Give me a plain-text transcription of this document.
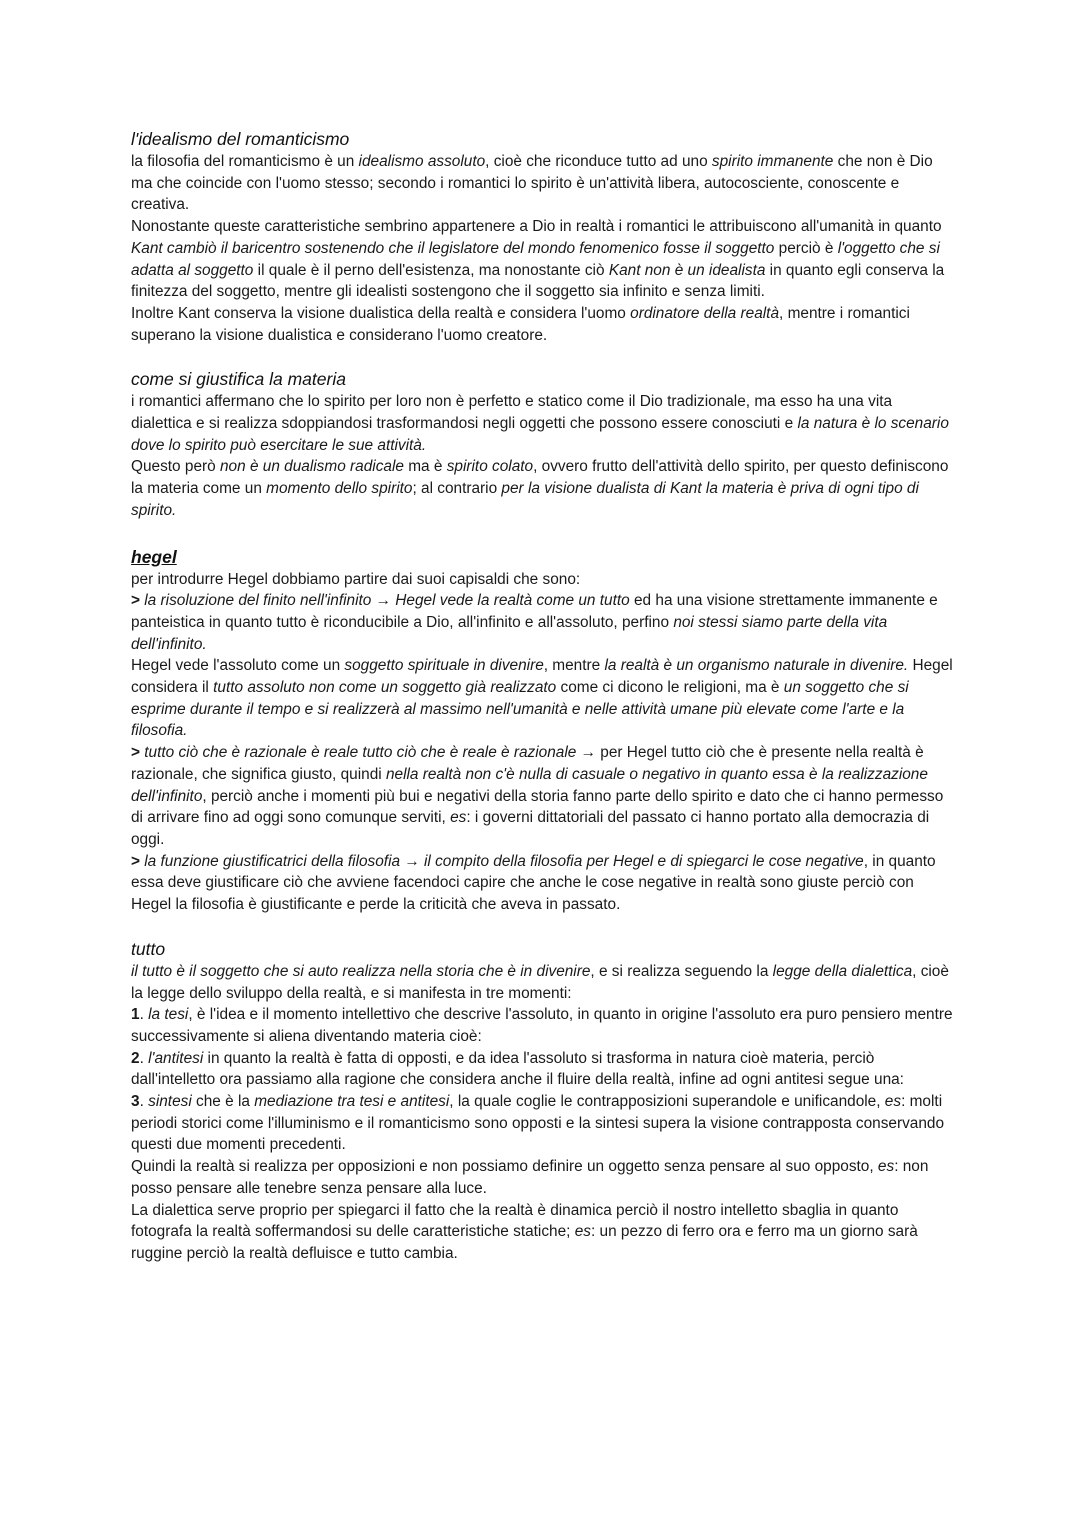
l'idealismo del romanticismo

la filosofia del romanticismo è un idealismo assoluto, cioè che riconduce tutto ad uno spirito immanente che non è Dio ma che coincide con l'uomo stesso; secondo i romantici lo spirito è un'attività libera, autocosciente, conoscente e creativa.

Nonostante queste caratteristiche sembrino appartenere a Dio in realtà i romantici le attribuiscono all'umanità in quanto Kant cambiò il baricentro sostenendo che il legislatore del mondo fenomenico fosse il soggetto perciò è l'oggetto che si adatta al soggetto il quale è il perno dell'esistenza, ma nonostante ciò Kant non è un idealista in quanto egli conserva la finitezza del soggetto, mentre gli idealisti sostengono che il soggetto sia infinito e senza limiti.

Inoltre Kant conserva la visione dualistica della realtà e considera l'uomo ordinatore della realtà, mentre i romantici superano la visione dualistica e considerano l'uomo creatore.

come si giustifica la materia

i romantici affermano che lo spirito per loro non è perfetto e statico come il Dio tradizionale, ma esso ha una vita dialettica e si realizza sdoppiandosi trasformandosi negli oggetti che possono essere conosciuti e la natura è lo scenario dove lo spirito può esercitare le sue attività.

Questo però non è un dualismo radicale ma è spirito colato, ovvero frutto dell'attività dello spirito, per questo definiscono la materia come un momento dello spirito; al contrario per la visione dualista di Kant la materia è priva di ogni tipo di spirito.

hegel

per introdurre Hegel dobbiamo partire dai suoi capisaldi che sono:

> la risoluzione del finito nell'infinito → Hegel vede la realtà come un tutto ed ha una visione strettamente immanente e panteistica in quanto tutto è riconducibile a Dio, all'infinito e all'assoluto, perfino noi stessi siamo parte della vita dell'infinito.

Hegel vede l'assoluto come un soggetto spirituale in divenire, mentre la realtà è un organismo naturale in divenire. Hegel considera il tutto assoluto non come un soggetto già realizzato come ci dicono le religioni, ma è un soggetto che si esprime durante il tempo e si realizzerà al massimo nell'umanità e nelle attività umane più elevate come l'arte e la filosofia.

> tutto ciò che è razionale è reale tutto ciò che è reale è razionale → per Hegel tutto ciò che è presente nella realtà è razionale, che significa giusto, quindi nella realtà non c'è nulla di casuale o negativo in quanto essa è la realizzazione dell'infinito, perciò anche i momenti più bui e negativi della storia fanno parte dello spirito e dato che ci hanno permesso di arrivare fino ad oggi sono comunque serviti, es: i governi dittatoriali del passato ci hanno portato alla democrazia di oggi.

> la funzione giustificatrici della filosofia → il compito della filosofia per Hegel e di spiegarci le cose negative, in quanto essa deve giustificare ciò che avviene facendoci capire che anche le cose negative in realtà sono giuste perciò con Hegel la filosofia è giustificante e perde la criticità che aveva in passato.

tutto

il tutto è il soggetto che si auto realizza nella storia che è in divenire, e si realizza seguendo la legge della dialettica, cioè la legge dello sviluppo della realtà, e si manifesta in tre momenti:

1. la tesi, è l'idea e il momento intellettivo che descrive l'assoluto, in quanto in origine l'assoluto era puro pensiero mentre successivamente si aliena diventando materia cioè:

2. l'antitesi in quanto la realtà è fatta di opposti, e da idea l'assoluto si trasforma in natura cioè materia, perciò dall'intelletto ora passiamo alla ragione che considera anche il fluire della realtà, infine ad ogni antitesi segue una:

3. sintesi che è la mediazione tra tesi e antitesi, la quale coglie le contrapposizioni superandole e unificandole, es: molti periodi storici come l'illuminismo e il romanticismo sono opposti e la sintesi supera la visione contrapposta conservando questi due momenti precedenti.

Quindi la realtà si realizza per opposizioni e non possiamo definire un oggetto senza pensare al suo opposto, es: non posso pensare alle tenebre senza pensare alla luce.

La dialettica serve proprio per spiegarci il fatto che la realtà è dinamica perciò il nostro intelletto sbaglia in quanto fotografa la realtà soffermandosi su delle caratteristiche statiche; es: un pezzo di ferro ora e ferro ma un giorno sarà ruggine perciò la realtà defluisce e tutto cambia.
